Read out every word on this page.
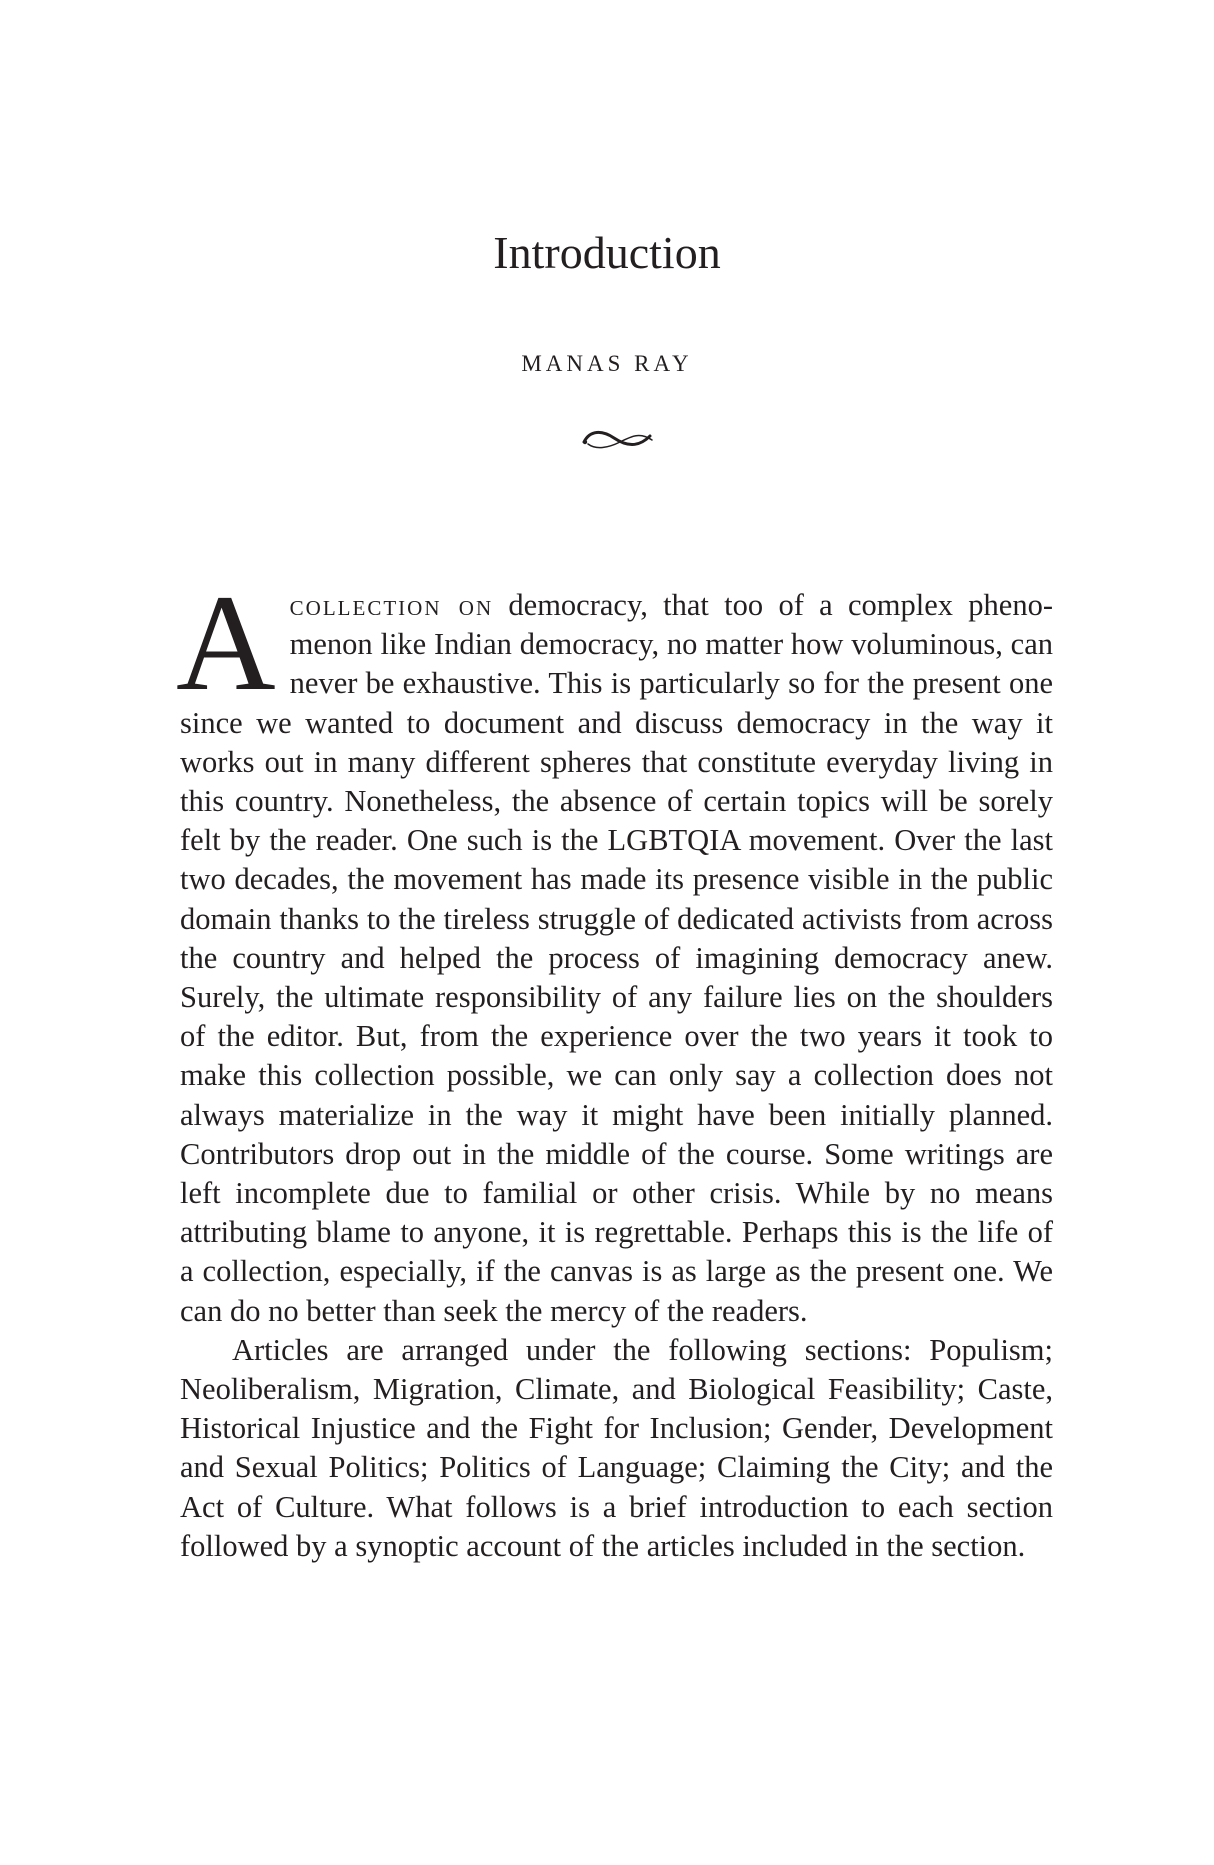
Introduction
MANAS RAY

Acollection on democracy, that too of a complex phenomenon like Indian democracy, no matter how voluminous, can never be exhaustive. This is particularly so for the present one since we wanted to document and discuss democracy in the way it works out in many different spheres that constitute everyday living in this country. Nonetheless, the absence of certain topics will be sorely felt by the reader. One such is the LGBTQIA movement. Over the last two decades, the movement has made its presence visible in the public domain thanks to the tireless struggle of dedicated activists from across the country and helped the process of imagining democracy anew. Surely, the ultimate responsibility of any failure lies on the shoulders of the editor. But, from the experience over the two years it took to make this collection possible, we can only say a collection does not always materialize in the way it might have been initially planned. Contributors drop out in the middle of the course. Some writings are left incomplete due to familial or other crisis. While by no means attributing blame to anyone, it is regrettable. Perhaps this is the life of a collection, especially, if the canvas is as large as the present one. We can do no better than seek the mercy of the readers.

Articles are arranged under the following sections: Populism; Neoliberalism, Migration, Climate, and Biological Feasibility; Caste, Historical Injustice and the Fight for Inclusion; Gender, Development and Sexual Politics; Politics of Language; Claiming the City; and the Act of Culture. What follows is a brief introduction to each section followed by a synoptic account of the articles included in the section.
